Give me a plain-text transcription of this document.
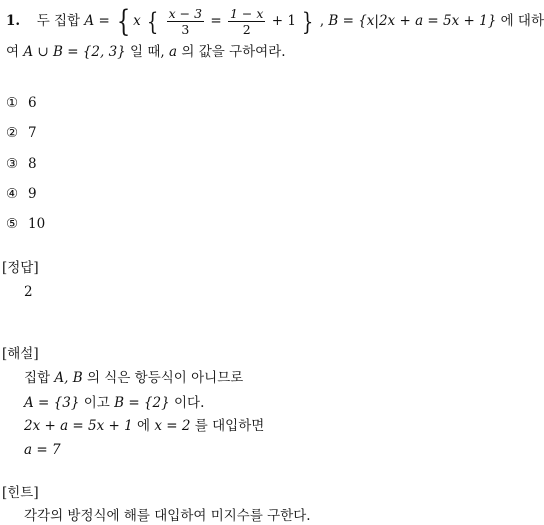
1. 두 집합 A = { x { $\frac{x - 3}{3} = \frac{1 - x}{2} + 1$ } , B = {x|2x + a = 5x + 1} 에 대하
여 A ∪ B = {2, 3} 일 때, a 의 값을 구하여라.
① 6
② 7
③ 8
④ 9
⑤ 10
[정답]
2
[해설]
집합 A, B 의 식은 항등식이 아니므로
A = {3} 이고 B = {2} 이다.
2x + a = 5x + 1 에 x = 2 를 대입하면
a = 7
[힌트]
각각의 방정식에 해를 대입하여 미지수를 구한다.
